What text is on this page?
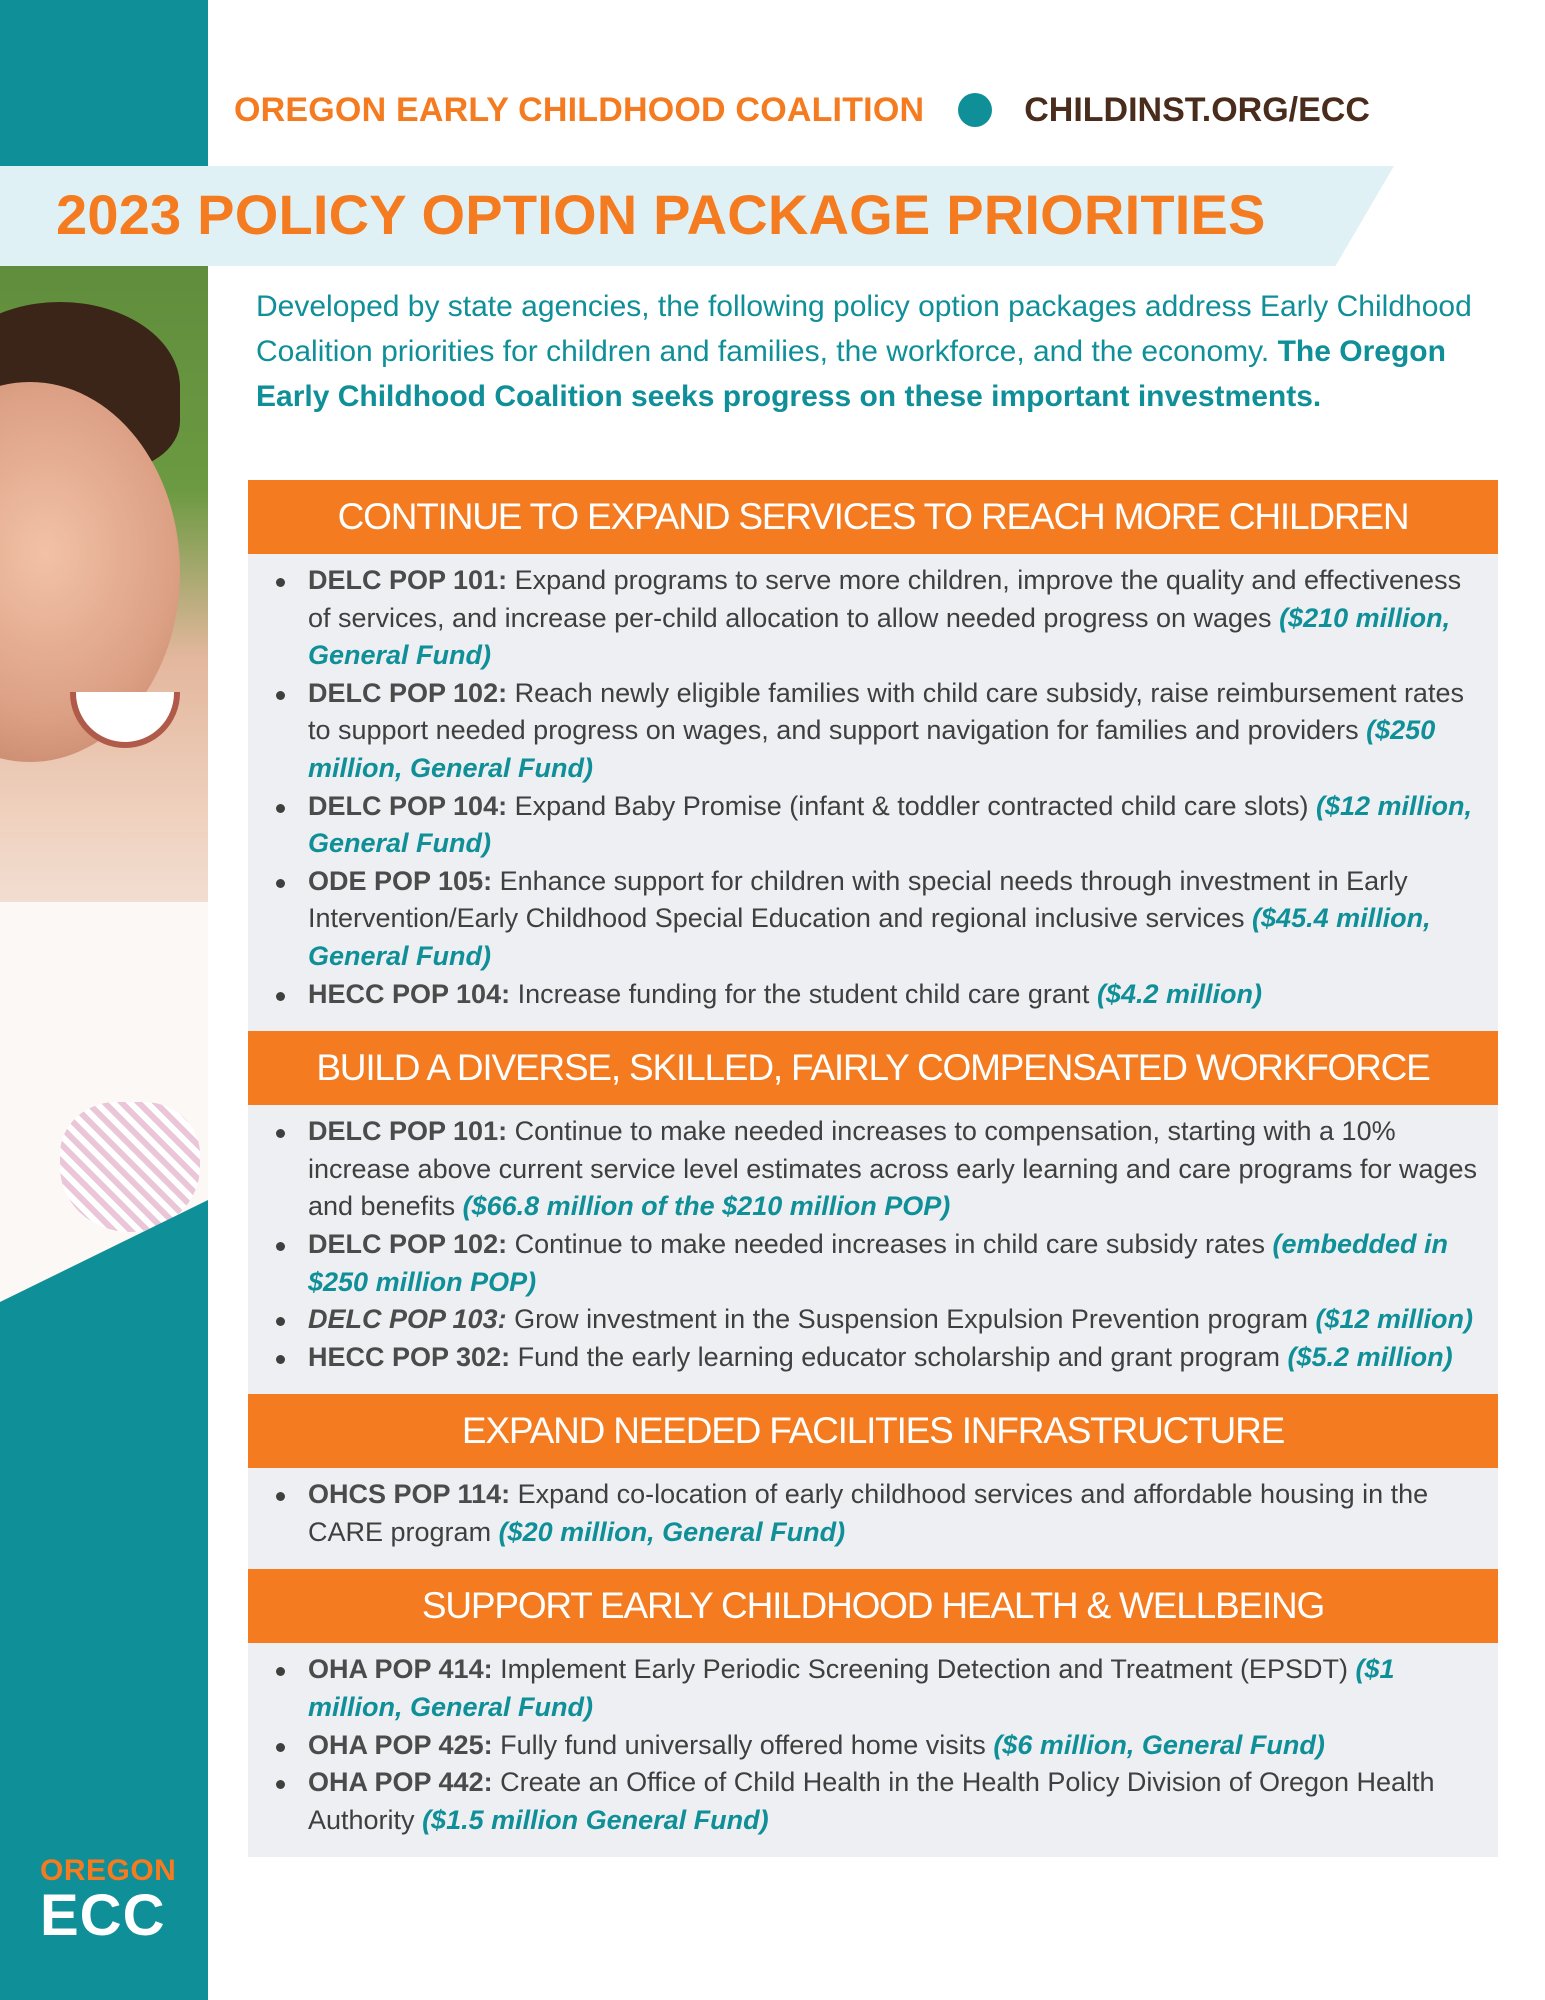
OREGON
ECC
OREGON EARLY CHILDHOOD COALITION	CHILDINST.ORG/ECC
2023 POLICY OPTION PACKAGE PRIORITIES

Developed by state agencies, the following policy option packages address Early Childhood Coalition priorities for children and families, the workforce, and the economy. The Oregon Early Childhood Coalition seeks progress on these important investments.

CONTINUE TO EXPAND SERVICES TO REACH MORE CHILDREN
DELC POP 101: Expand programs to serve more children, improve the quality and effectiveness of services, and increase per-child allocation to allow needed progress on wages ($210 million, General Fund)
DELC POP 102: Reach newly eligible families with child care subsidy, raise reimbursement rates to support needed progress on wages, and support navigation for families and providers ($250 million, General Fund)
DELC POP 104: Expand Baby Promise (infant & toddler contracted child care slots) ($12 million, General Fund)
ODE POP 105: Enhance support for children with special needs through investment in Early Intervention/Early Childhood Special Education and regional inclusive services ($45.4 million, General Fund)
HECC POP 104: Increase funding for the student child care grant ($4.2 million)
BUILD A DIVERSE, SKILLED, FAIRLY COMPENSATED WORKFORCE
DELC POP 101: Continue to make needed increases to compensation, starting with a 10% increase above current service level estimates across early learning and care programs for wages and benefits ($66.8 million of the $210 million POP)
DELC POP 102: Continue to make needed increases in child care subsidy rates (embedded in $250 million POP)
DELC POP 103: Grow investment in the Suspension Expulsion Prevention program ($12 million)
HECC POP 302: Fund the early learning educator scholarship and grant program ($5.2 million)
EXPAND NEEDED FACILITIES INFRASTRUCTURE
OHCS POP 114: Expand co-location of early childhood services and affordable housing in the CARE program ($20 million, General Fund)
SUPPORT EARLY CHILDHOOD HEALTH & WELLBEING
OHA POP 414: Implement Early Periodic Screening Detection and Treatment (EPSDT) ($1 million, General Fund)
OHA POP 425: Fully fund universally offered home visits ($6 million, General Fund)
OHA POP 442: Create an Office of Child Health in the Health Policy Division of Oregon Health Authority ($1.5 million General Fund)
